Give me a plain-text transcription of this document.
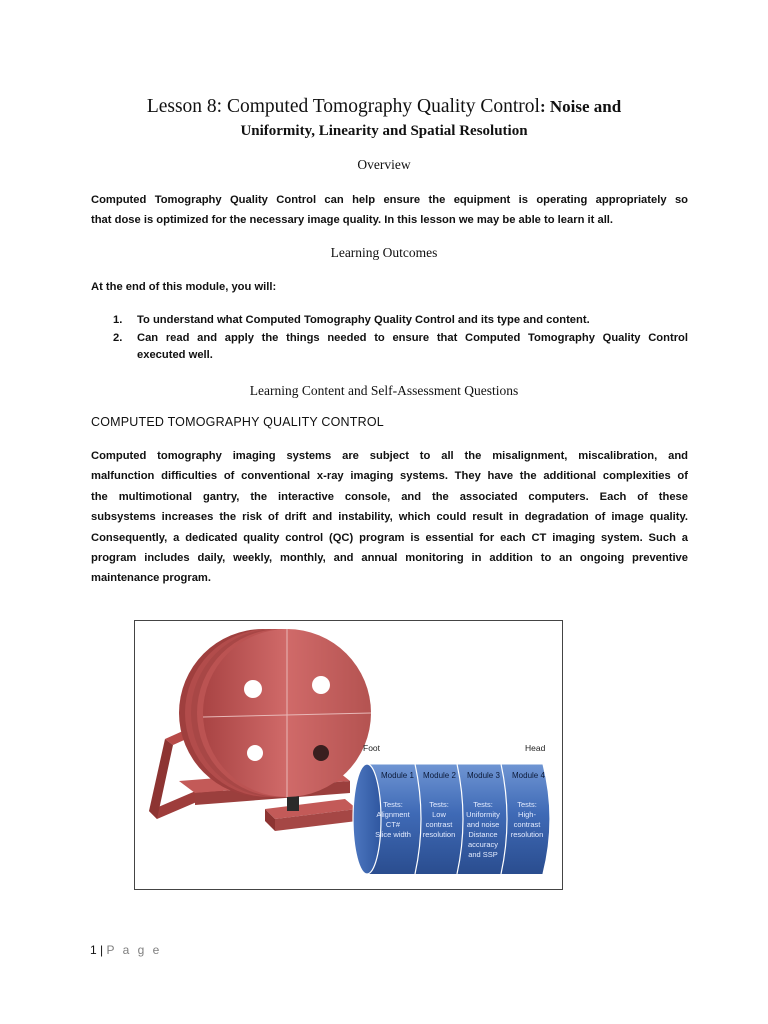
Lesson 8: Computed Tomography Quality Control: Noise and
Uniformity, Linearity and Spatial Resolution
Overview
Computed Tomography Quality Control can help ensure the equipment is operating appropriately so
that dose is optimized for the necessary image quality. In this lesson we may be able to learn it all.
Learning Outcomes
At the end of this module, you will:
1. To understand what Computed Tomography Quality Control and its type and content.
2. Can read and apply the things needed to ensure that Computed Tomography Quality Control
executed well.
Learning Content and Self-Assessment Questions
COMPUTED TOMOGRAPHY QUALITY CONTROL
Computed tomography imaging systems are subject to all the misalignment, miscalibration, and
malfunction difficulties of conventional x-ray imaging systems. They have the additional complexities of
the multimotional gantry, the interactive console, and the associated computers. Each of these
subsystems increases the risk of drift and instability, which could result in degradation of image quality.
Consequently, a dedicated quality control (QC) program is essential for each CT imaging system. Such a
program includes daily, weekly, monthly, and annual monitoring in addition to an ongoing preventive
maintenance program.
Foot	Head
Module 1 Module 2 Module 3 Module 4
Tests:
Alignment
CT#
Slice width
Tests:
Low
contrast
resolution
Tests:
Uniformity
and noise
Distance
accuracy
and SSP
Tests:
High-
contrast
resolution
1 | P a g e
